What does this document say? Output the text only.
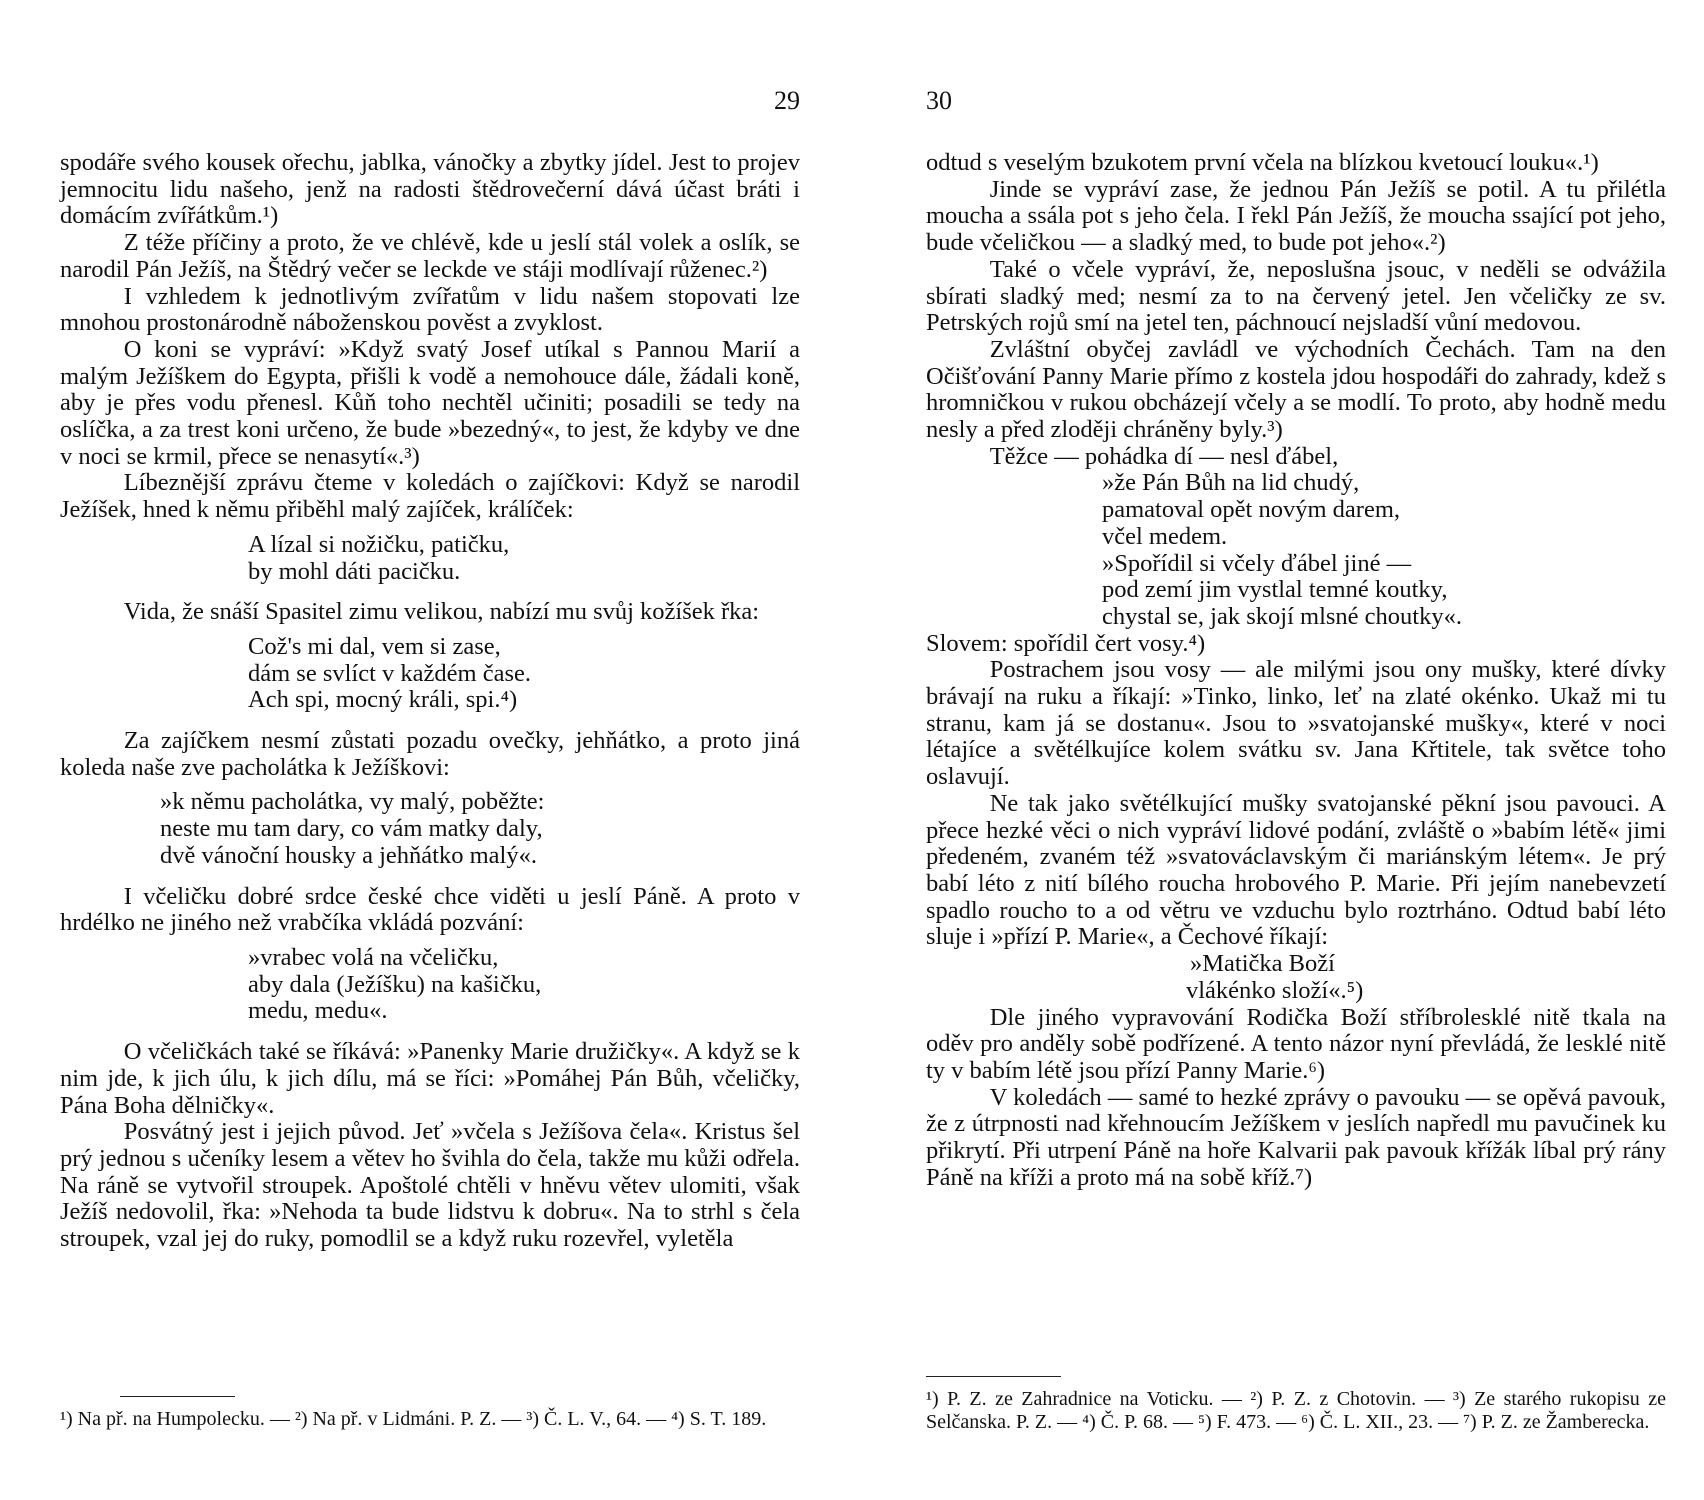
29

spodáře svého kousek ořechu, jablka, vánočky a zbytky jídel. Jest to projev jemnocitu lidu našeho, jenž na radosti štědrovečerní dává účast bráti i domácím zvířátkům.¹)

Z téže příčiny a proto, že ve chlévě, kde u jeslí stál volek a oslík, se narodil Pán Ježíš, na Štědrý večer se leckde ve stáji modlívají růženec.²)

I vzhledem k jednotlivým zvířatům v lidu našem stopovati lze mnohou prostonárodně náboženskou pověst a zvyklost.

O koni se vypráví: »Když svatý Josef utíkal s Pannou Marií a malým Ježíškem do Egypta, přišli k vodě a nemohouce dále, žádali koně, aby je přes vodu přenesl. Kůň toho nechtěl učiniti; posadili se tedy na oslíčka, a za trest koni určeno, že bude »bezedný«, to jest, že kdyby ve dne v noci se krmil, přece se nenasytí«.³)

Líbeznější zprávu čteme v koledách o zajíčkovi: Když se narodil Ježíšek, hned k němu přiběhl malý zajíček, králíček:

A lízal si nožičku, patičku,
by mohl dáti pacičku.

Vida, že snáší Spasitel zimu velikou, nabízí mu svůj kožíšek řka:

Což's mi dal, vem si zase,
dám se svlíct v každém čase.
Ach spi, mocný králi, spi.⁴)

Za zajíčkem nesmí zůstati pozadu ovečky, jehňátko, a proto jiná koleda naše zve pacholátka k Ježíškovi:

»k němu pacholátka, vy malý, poběžte:
neste mu tam dary, co vám matky daly,
dvě vánoční housky a jehňátko malý«.

I včeličku dobré srdce české chce viděti u jeslí Páně. A proto v hrdélko ne jiného než vrabčíka vkládá pozvání:

»vrabec volá na včeličku,
aby dala (Ježíšku) na kašičku,
medu, medu«.

O včeličkách také se říkává: »Panenky Marie družičky«. A když se k nim jde, k jich úlu, k jich dílu, má se říci: »Pomáhej Pán Bůh, včeličky, Pána Boha dělničky«.

Posvátný jest i jejich původ. Jeť »včela s Ježíšova čela«. Kristus šel prý jednou s učeníky lesem a větev ho švihla do čela, takže mu kůži odřela. Na ráně se vytvořil stroupek. Apoštolé chtěli v hněvu větev ulomiti, však Ježíš nedovolil, řka: »Nehoda ta bude lidstvu k dobru«. Na to strhl s čela stroupek, vzal jej do ruky, pomodlil se a když ruku rozevřel, vyletěla

¹) Na př. na Humpolecku. — ²) Na př. v Lidmáni. P. Z. — ³) Č. L. V., 64. — ⁴) S. T. 189.
30

odtud s veselým bzukotem první včela na blízkou kvetoucí louku«.¹)

Jinde se vypráví zase, že jednou Pán Ježíš se potil. A tu přilétla moucha a ssála pot s jeho čela. I řekl Pán Ježíš, že moucha ssající pot jeho, bude včeličkou — a sladký med, to bude pot jeho«.²)

Také o včele vypráví, že, neposlušna jsouc, v neděli se odvážila sbírati sladký med; nesmí za to na červený jetel. Jen včeličky ze sv. Petrských rojů smí na jetel ten, páchnoucí nejsladší vůní medovou.

Zvláštní obyčej zavládl ve východních Čechách. Tam na den Očišťování Panny Marie přímo z kostela jdou hospodáři do zahrady, kdež s hromničkou v rukou obcházejí včely a se modlí. To proto, aby hodně medu nesly a před zloději chráněny byly.³)

Těžce — pohádka dí — nesl ďábel,

»že Pán Bůh na lid chudý,
pamatoval opět novým darem,
včel medem.
»Spořídil si včely ďábel jiné —
pod zemí jim vystlal temné koutky,
chystal se, jak skojí mlsné choutky«.

Slovem: spořídil čert vosy.⁴)

Postrachem jsou vosy — ale milými jsou ony mušky, které dívky brávají na ruku a říkají: »Tinko, linko, leť na zlaté okénko. Ukaž mi tu stranu, kam já se dostanu«. Jsou to »svatojanské mušky«, které v noci létajíce a světélkujíce kolem svátku sv. Jana Křtitele, tak světce toho oslavují.

Ne tak jako světélkující mušky svatojanské pěkní jsou pavouci. A přece hezké věci o nich vypráví lidové podání, zvláště o »babím létě« jimi předeném, zvaném též »svatováclavským či mariánským létem«. Je prý babí léto z nití bílého roucha hrobového P. Marie. Při jejím nanebevzetí spadlo roucho to a od větru ve vzduchu bylo roztrháno. Odtud babí léto sluje i »přízí P. Marie«, a Čechové říkají:

»Matička Boží
vlákénko složí«.⁵)

Dle jiného vypravování Rodička Boží stříbrolesklé nitě tkala na oděv pro anděly sobě podřízené. A tento názor nyní převládá, že lesklé nitě ty v babím létě jsou přízí Panny Marie.⁶)

V koledách — samé to hezké zprávy o pavouku — se opěvá pavouk, že z útrpnosti nad křehnoucím Ježíškem v jeslích napředl mu pavučinek ku přikrytí. Při utrpení Páně na hoře Kalvarii pak pavouk křížák líbal prý rány Páně na kříži a proto má na sobě kříž.⁷)

¹) P. Z. ze Zahradnice na Voticku. — ²) P. Z. z Chotovin. — ³) Ze starého rukopisu ze Selčanska. P. Z. — ⁴) Č. P. 68. — ⁵) F. 473. — ⁶) Č. L. XII., 23. — ⁷) P. Z. ze Žamberecka.
